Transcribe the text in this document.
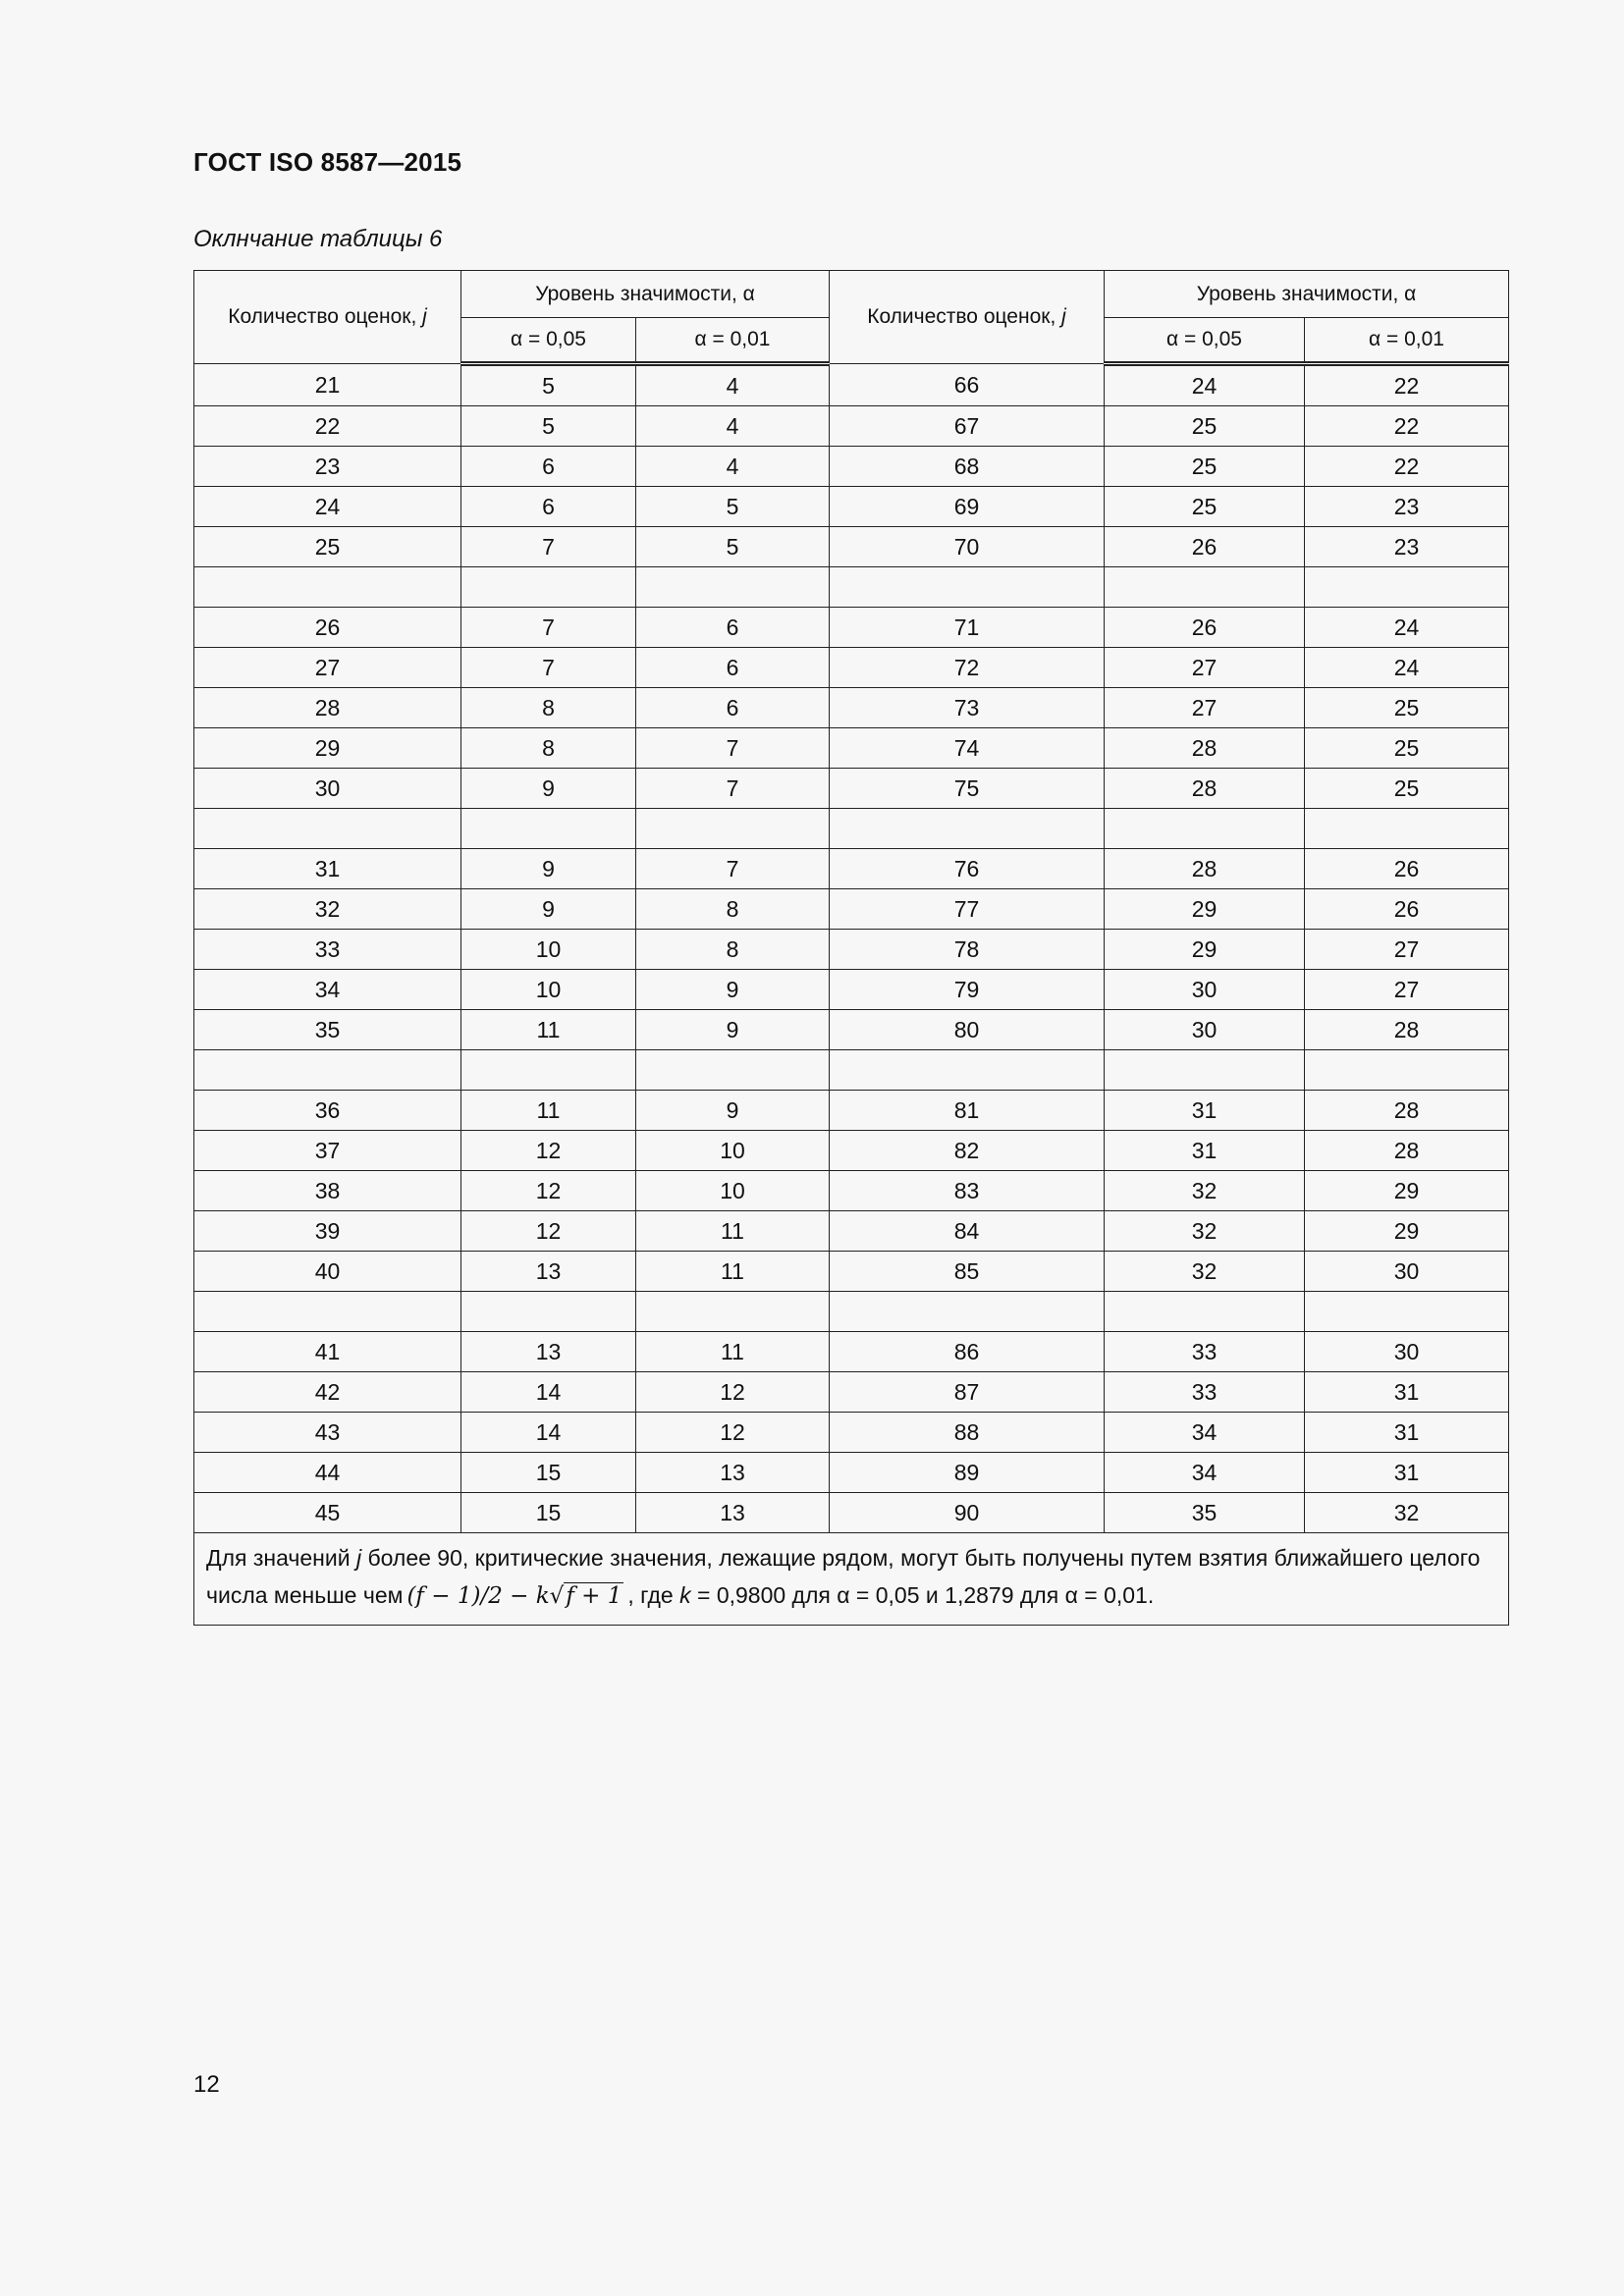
ГОСТ ISO 8587—2015
Оклнчание таблицы 6
Количество оценок, j	Уровень значимости, α		Количество оценок, j	Уровень значимости, α	
	α = 0,05	α = 0,01		α = 0,05	α = 0,01
21	5	4	66	24	22
22	5	4	67	25	22
23	6	4	68	25	22
24	6	5	69	25	23
25	7	5	70	26	23

26	7	6	71	26	24
27	7	6	72	27	24
28	8	6	73	27	25
29	8	7	74	28	25
30	9	7	75	28	25

31	9	7	76	28	26
32	9	8	77	29	26
33	10	8	78	29	27
34	10	9	79	30	27
35	11	9	80	30	28

36	11	9	81	31	28
37	12	10	82	31	28
38	12	10	83	32	29
39	12	11	84	32	29
40	13	11	85	32	30

41	13	11	86	33	30
42	14	12	87	33	31
43	14	12	88	34	31
44	15	13	89	34	31
45	15	13	90	35	32
Для значений j более 90, критические значения, лежащие рядом, могут быть получены путем взятия ближайшего целого числа меньше чем (f − 1)/2 − k√f + 1 , где k = 0,9800 для α = 0,05 и 1,2879 для α = 0,01.					
12
